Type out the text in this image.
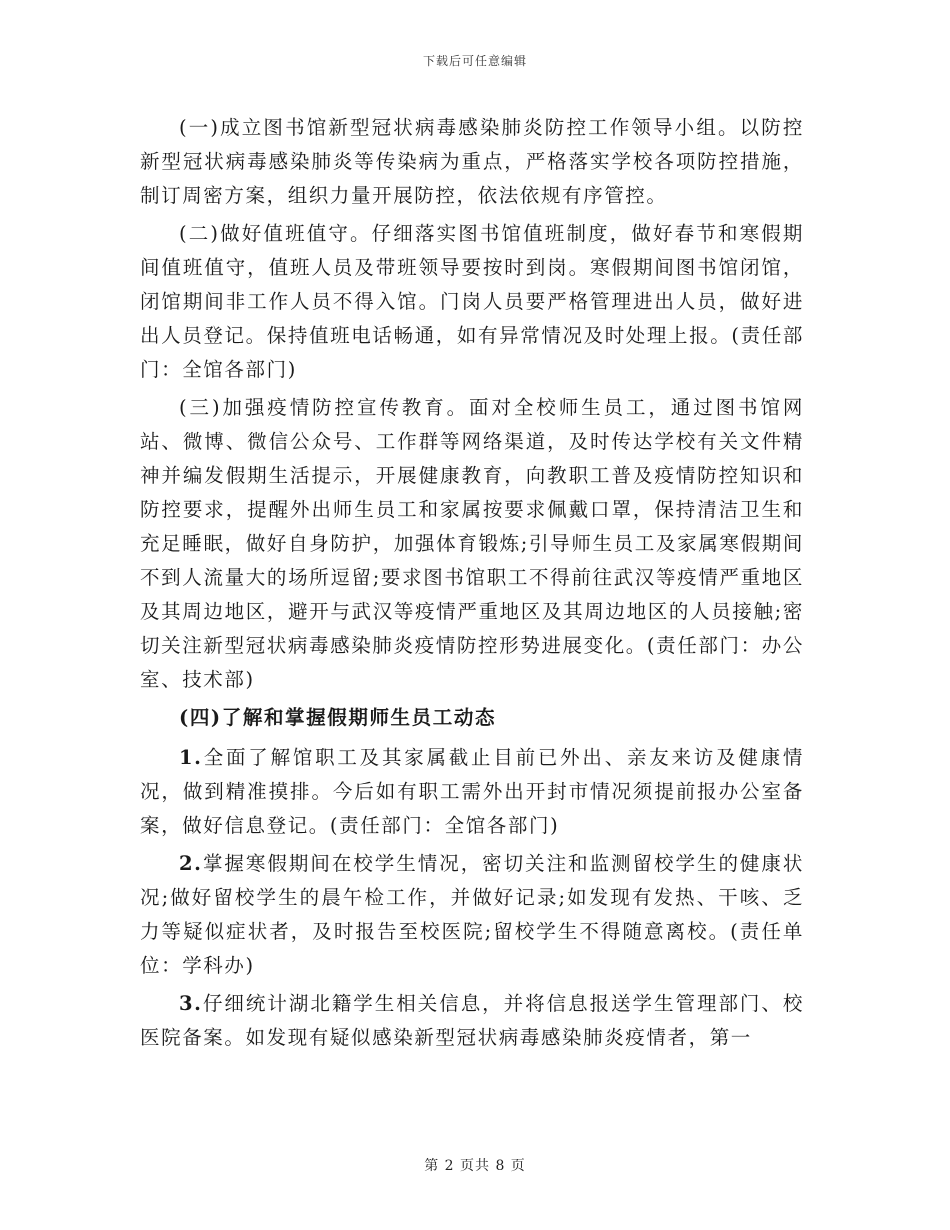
下载后可任意编辑

(一)成立图书馆新型冠状病毒感染肺炎防控工作领导小组。以防控新型冠状病毒感染肺炎等传染病为重点，严格落实学校各项防控措施，制订周密方案，组织力量开展防控，依法依规有序管控。

(二)做好值班值守。仔细落实图书馆值班制度，做好春节和寒假期间值班值守，值班人员及带班领导要按时到岗。寒假期间图书馆闭馆，闭馆期间非工作人员不得入馆。门岗人员要严格管理进出人员，做好进出人员登记。保持值班电话畅通，如有异常情况及时处理上报。(责任部门：全馆各部门)

(三)加强疫情防控宣传教育。面对全校师生员工，通过图书馆网站、微博、微信公众号、工作群等网络渠道，及时传达学校有关文件精神并编发假期生活提示，开展健康教育，向教职工普及疫情防控知识和防控要求，提醒外出师生员工和家属按要求佩戴口罩，保持清洁卫生和充足睡眠，做好自身防护，加强体育锻炼;引导师生员工及家属寒假期间不到人流量大的场所逗留;要求图书馆职工不得前往武汉等疫情严重地区及其周边地区，避开与武汉等疫情严重地区及其周边地区的人员接触;密切关注新型冠状病毒感染肺炎疫情防控形势进展变化。(责任部门：办公室、技术部)

(四)了解和掌握假期师生员工动态

1.全面了解馆职工及其家属截止目前已外出、亲友来访及健康情况，做到精准摸排。今后如有职工需外出开封市情况须提前报办公室备案，做好信息登记。(责任部门：全馆各部门)

2.掌握寒假期间在校学生情况，密切关注和监测留校学生的健康状况;做好留校学生的晨午检工作，并做好记录;如发现有发热、干咳、乏力等疑似症状者，及时报告至校医院;留校学生不得随意离校。(责任单位：学科办)

3.仔细统计湖北籍学生相关信息，并将信息报送学生管理部门、校医院备案。如发现有疑似感染新型冠状病毒感染肺炎疫情者，第一

第 2 页共 8 页
